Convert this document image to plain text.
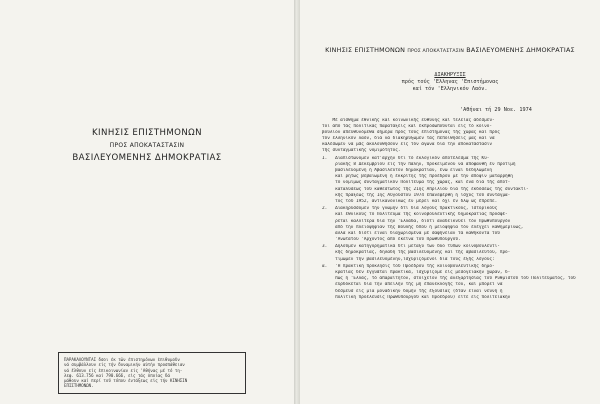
ΚΙΝΗΣΙΣ ΕΠΙΣΤΗΜΟΝΩΝ
ΠΡΟΣ ΑΠΟΚΑΤΑΣΤΑΣΙΝ
ΒΑΣΙΛΕΥΟΜΕΝΗΣ ΔΗΜΟΚΡΑΤΙΑΣ
ΠΑΡΑΚΑΛΟΥΝΤΑΙ δσοι έκ τῶν ἐπιστημόνων ἐπιθυμοῦν
νά συμβάλλουν εἰς τήν δυναμικήν αὐτήν προσπάθειαν
νά ἔλθουν εἰς ἐπικοινωνίαν εἰς 'Αθήνας μέ τό τη-
λεφ. 613.756 καί 790.666, εἰς τάς ὁποίας δά
μάθουν καί περί τοῦ τόπου ἐντάξεως εἰς τήν ΚΙΝΗΣΙΝ
ΕΠΙΣΤΗΜΟΝΩΝ.
ΚΙΝΗΣΙΣ ΕΠΙΣΤΗΜΟΝΩΝ ΠΡΟΣ ΑΠΟΚΑΤΑΣΤΑΣΙΝ ΒΑΣΙΛΕΥΟΜΕΝΗΣ ΔΗΜΟΚΡΑΤΙΑΣ
ΔΙΑΚΗΡΥΞΙΣ
πρός τούς 'Ελληνας 'Επιστήμονας
καί τόν 'Ελληνικόν Λαόν.
'Αθήναι τή 29 Νοε. 1974
Μέ αἴσθημα ἐθνικῆς καί κοινωνικῆς εὐθύνης καί τελείας ἀδέσμευ-
τοι ἀπό τάς πολιτικάς παρατάξεις καί ἐκπροσωποῦνται εἰς τό κοινο-
βούλιον ἀπευθυνόμεθα σήμερα πρός τούς ἐπιστήμονας τῆς χώρας καί πρός
τόν ἑλληνικόν λαόν, διά νά διακηρύξωμεν τάς πεποιθήσεις μας καί νά
καλέσωμεν νά μᾶς ἀκολουθήσουν εἰς τόν ἀγῶνα διά τήν ἀποκατάστασιν
τῆς συνταγματικῆς νομιμότητος.
I.   Διαπιστώνομεν κατ'ἀρχήν δτι τό ἐκλογικόν ἀποτέλεσμα τῆς Κυ-
ριακῆς 8 Δεκεμβρίου εἰς τήν πάλην, προκειμένου νά ἀποφανθῆ ἐν προτιμή
βασιλευομένη ἡ Ἀβασίλευτον δημοκρατίαν, ἐνῶ εἶναι δεδηλωμένη
καί ρητῶς βεβαιωμένη ἡ ἐκκρίτης τῆς προέδρου μέ τήν ἄποψιν ματαρρήθη
τό νομίμως συνταγματικόν Πολίτευμα τῆς χώρας, καί ἑνά διά τῆς ἀποτ-
καταλύσεως τοῦ καθεστῶτος τῆς 21ης Απριλίου διά τῆς ἐκδόσεως τῆς συντακτι-
κῆς πράξεως τῆς 1ης Αὐγούστου 1974 ἐπανεφέρθη ἡ ἰσχύς τοῦ συντάγμα-
τος τοῦ 1952, ἀντικανονικῶς ἐν μέρει καί ὄχι ἐν δλῳ ὡς ἔπρεπε.
2.   Διακηρύσσομεν τήν γνώμην δτι διά λόγους πρακτικούς, ἱστορικούς
καί ἐθνικούς τό Πολίτευμα τῆς κοινοβουλευτικῆς δημοκρατίας προσφέ-
ρεται καλλίτερα διά τήν 'Ελλάδα, διότι ἀναδεικνύει τόν Πρωθυπουργόν
ἀπό τήν πλειοψηφίαν τῆς Βουλῆς δπου ἡ μειοψηφία τόν ἐλέγχει καθημερινῶς,
ἀλλά καί διότι εἶναι διαχωρισμένα μέ σαφήνειαν τά καθήκοντα τοῦ
'Ανωτάτου 'Αρχοντος ἀπό ἐκεῖνα τοῦ Πρωθυπουργοῦ.
3.   Δηλοῦμεν κατηγορηματικά δτι μεταξύ τῶν δύο τύπων κοινοβουλευτι-
κῆς δημοκρατίας, δηλαδή τῆς βασιλευομένης καί τῆς ἀβασιλεύτου, προ-
τιμῶμεν τήν βασιλευομένην,ἰσχυριζόμενοι διά τούς ἑξῆς λόγους:
α.   'Η πρακτική πρόκλησις τοῦ Προέδρου τῆς κοινοβουλευτικῆς δημο-
κρατίας δέν ἐγγυᾶται πρακτικά, ἰσχυρίζομε εἰς μεσογειακήν χώραν, δ-
πως ἡ 'Ελλάς, τό ἀπαραίτητον, στοιχεῖον τῆς ἀνεξαρτησίας τοῦ Ρυθμιστοῦ τοῦ Πολιτεύματος, τοῦ
εὐρδόκεται διά τήν ἀπειλήν τῆς μή ἐπανεκλογῆς του, καί μπορεῖ νά
δέσμευσ εἰς μία μοναδικήν δομήν τῆς ἐξουσίας (δταν εἶναι νευνή ἡ
πολιτική προέλευσις Πρωθυπουργοῦ καί Προέδρου) εἴτε εἰς πολιτειακήν
